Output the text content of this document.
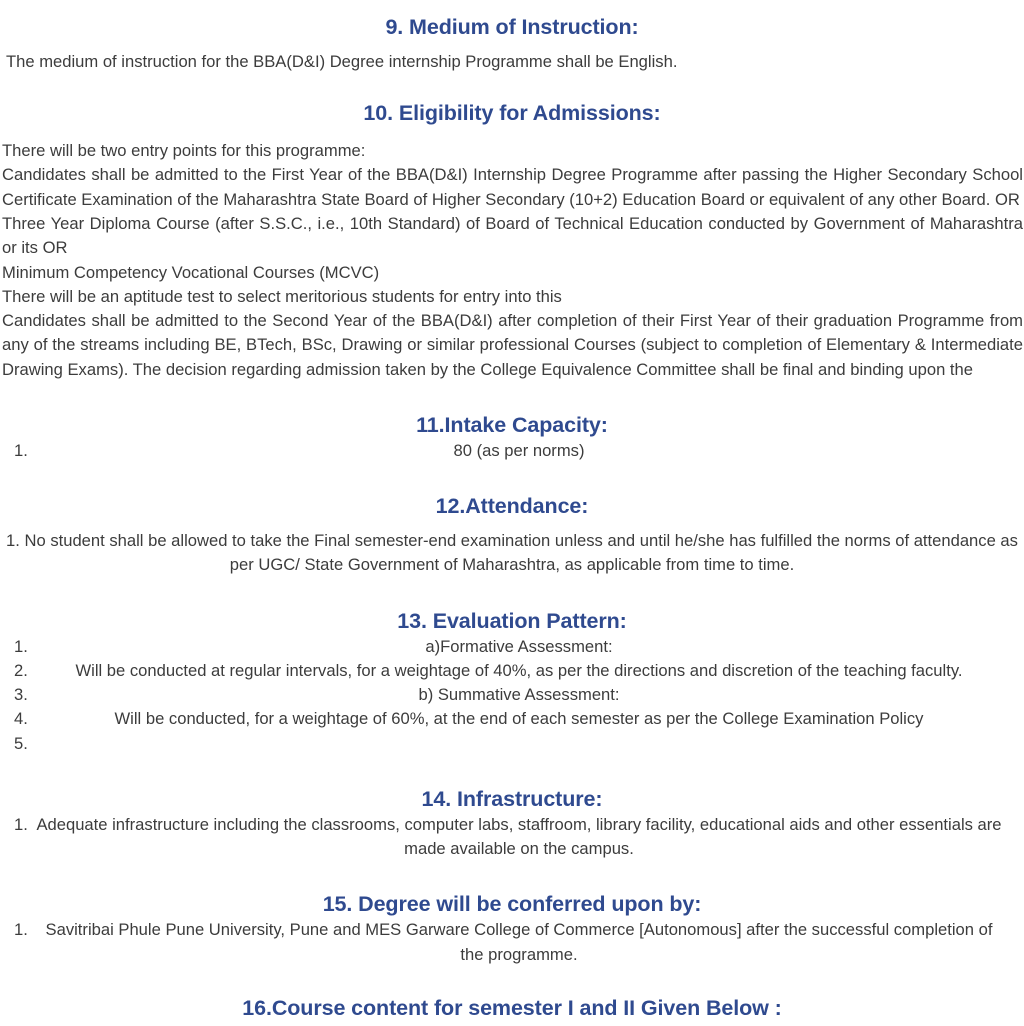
9. Medium of Instruction:

The medium of instruction for the BBA(D&I) Degree internship Programme shall be English.

10. Eligibility for Admissions:

There will be two entry points for this programme:

Candidates shall be admitted to the First Year of the BBA(D&I) Internship Degree Programme after passing the Higher Secondary School Certificate Examination of the Maharashtra State Board of Higher Secondary (10+2) Education Board or equivalent of any other Board. OR

Three Year Diploma Course (after S.S.C., i.e., 10th Standard) of Board of Technical Education conducted by Government of Maharashtra or its OR

Minimum Competency Vocational Courses (MCVC)

There will be an aptitude test to select meritorious students for entry into this

Candidates shall be admitted to the Second Year of the BBA(D&I) after completion of their First Year of their graduation Programme from any of the streams including BE, BTech, BSc, Drawing or similar professional Courses (subject to completion of Elementary & Intermediate Drawing Exams). The decision regarding admission taken by the College Equivalence Committee shall be final and binding upon the

11.Intake Capacity:
1.	80 (as per norms)
12.Attendance:

1. No student shall be allowed to take the Final semester-end examination unless and until he/she has fulfilled the norms of attendance as per UGC/ State Government of Maharashtra, as applicable from time to time.

13. Evaluation Pattern:
1.	a)Formative Assessment:
2.	Will be conducted at regular intervals, for a weightage of 40%, as per the directions and discretion of the teaching faculty.
3.	b) Summative Assessment:
4.	Will be conducted, for a weightage of 60%, at the end of each semester as per the College Examination Policy
5.
14. Infrastructure:
1. Adequate infrastructure including the classrooms, computer labs, staffroom, library facility, educational aids and other essentials are made available on the campus.
15. Degree will be conferred upon by:
1.	Savitribai Phule Pune University, Pune and MES Garware College of Commerce [Autonomous] after the successful completion of the programme.
16.Course content for semester I and II Given Below :
